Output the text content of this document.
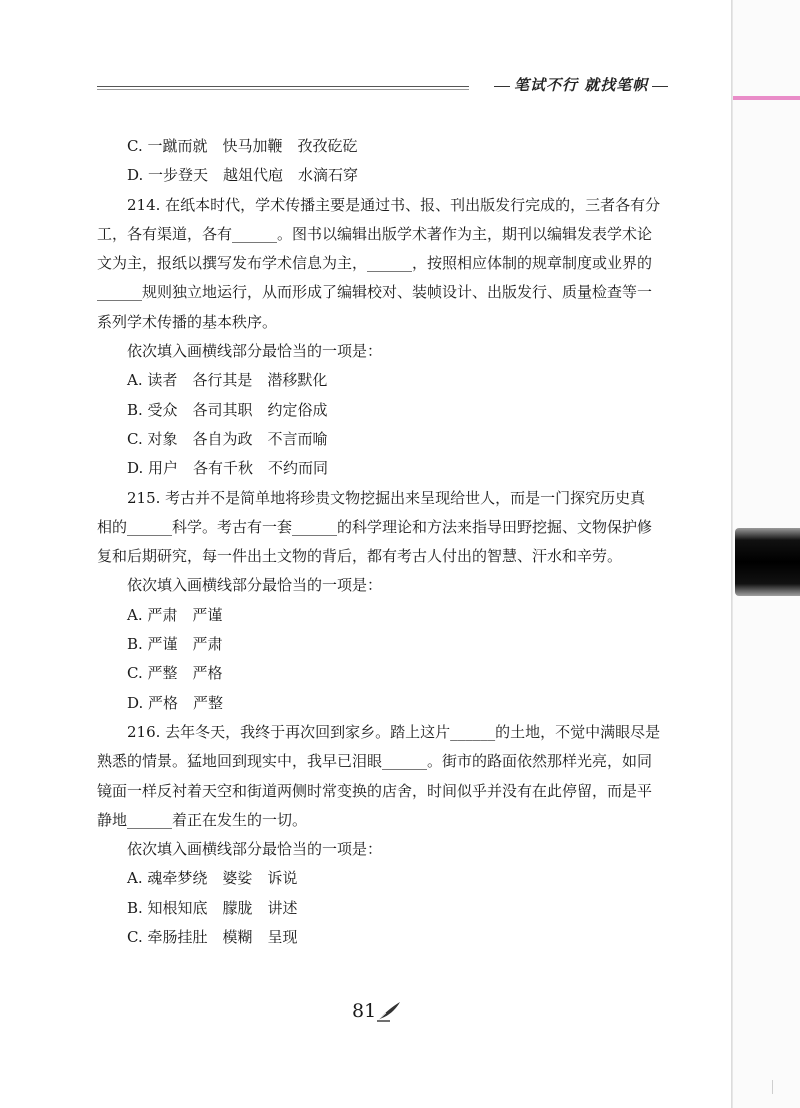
笔试不行 就找笔帜
C. 一蹴而就　快马加鞭　孜孜矻矻
D. 一步登天　越俎代庖　水滴石穿
214. 在纸本时代，学术传播主要是通过书、报、刊出版发行完成的，三者各有分
工，各有渠道，各有______。图书以编辑出版学术著作为主，期刊以编辑发表学术论
文为主，报纸以撰写发布学术信息为主，______，按照相应体制的规章制度或业界的
______规则独立地运行，从而形成了编辑校对、装帧设计、出版发行、质量检查等一
系列学术传播的基本秩序。
依次填入画横线部分最恰当的一项是：
A. 读者　各行其是　潜移默化
B. 受众　各司其职　约定俗成
C. 对象　各自为政　不言而喻
D. 用户　各有千秋　不约而同
215. 考古并不是简单地将珍贵文物挖掘出来呈现给世人，而是一门探究历史真
相的______科学。考古有一套______的科学理论和方法来指导田野挖掘、文物保护修
复和后期研究，每一件出土文物的背后，都有考古人付出的智慧、汗水和辛劳。
依次填入画横线部分最恰当的一项是：
A. 严肃　严谨
B. 严谨　严肃
C. 严整　严格
D. 严格　严整
216. 去年冬天，我终于再次回到家乡。踏上这片______的土地，不觉中满眼尽是
熟悉的情景。猛地回到现实中，我早已泪眼______。街市的路面依然那样光亮，如同
镜面一样反衬着天空和街道两侧时常变换的店舍，时间似乎并没有在此停留，而是平
静地______着正在发生的一切。
依次填入画横线部分最恰当的一项是：
A. 魂牵梦绕　婆娑　诉说
B. 知根知底　朦胧　讲述
C. 牵肠挂肚　模糊　呈现
81
